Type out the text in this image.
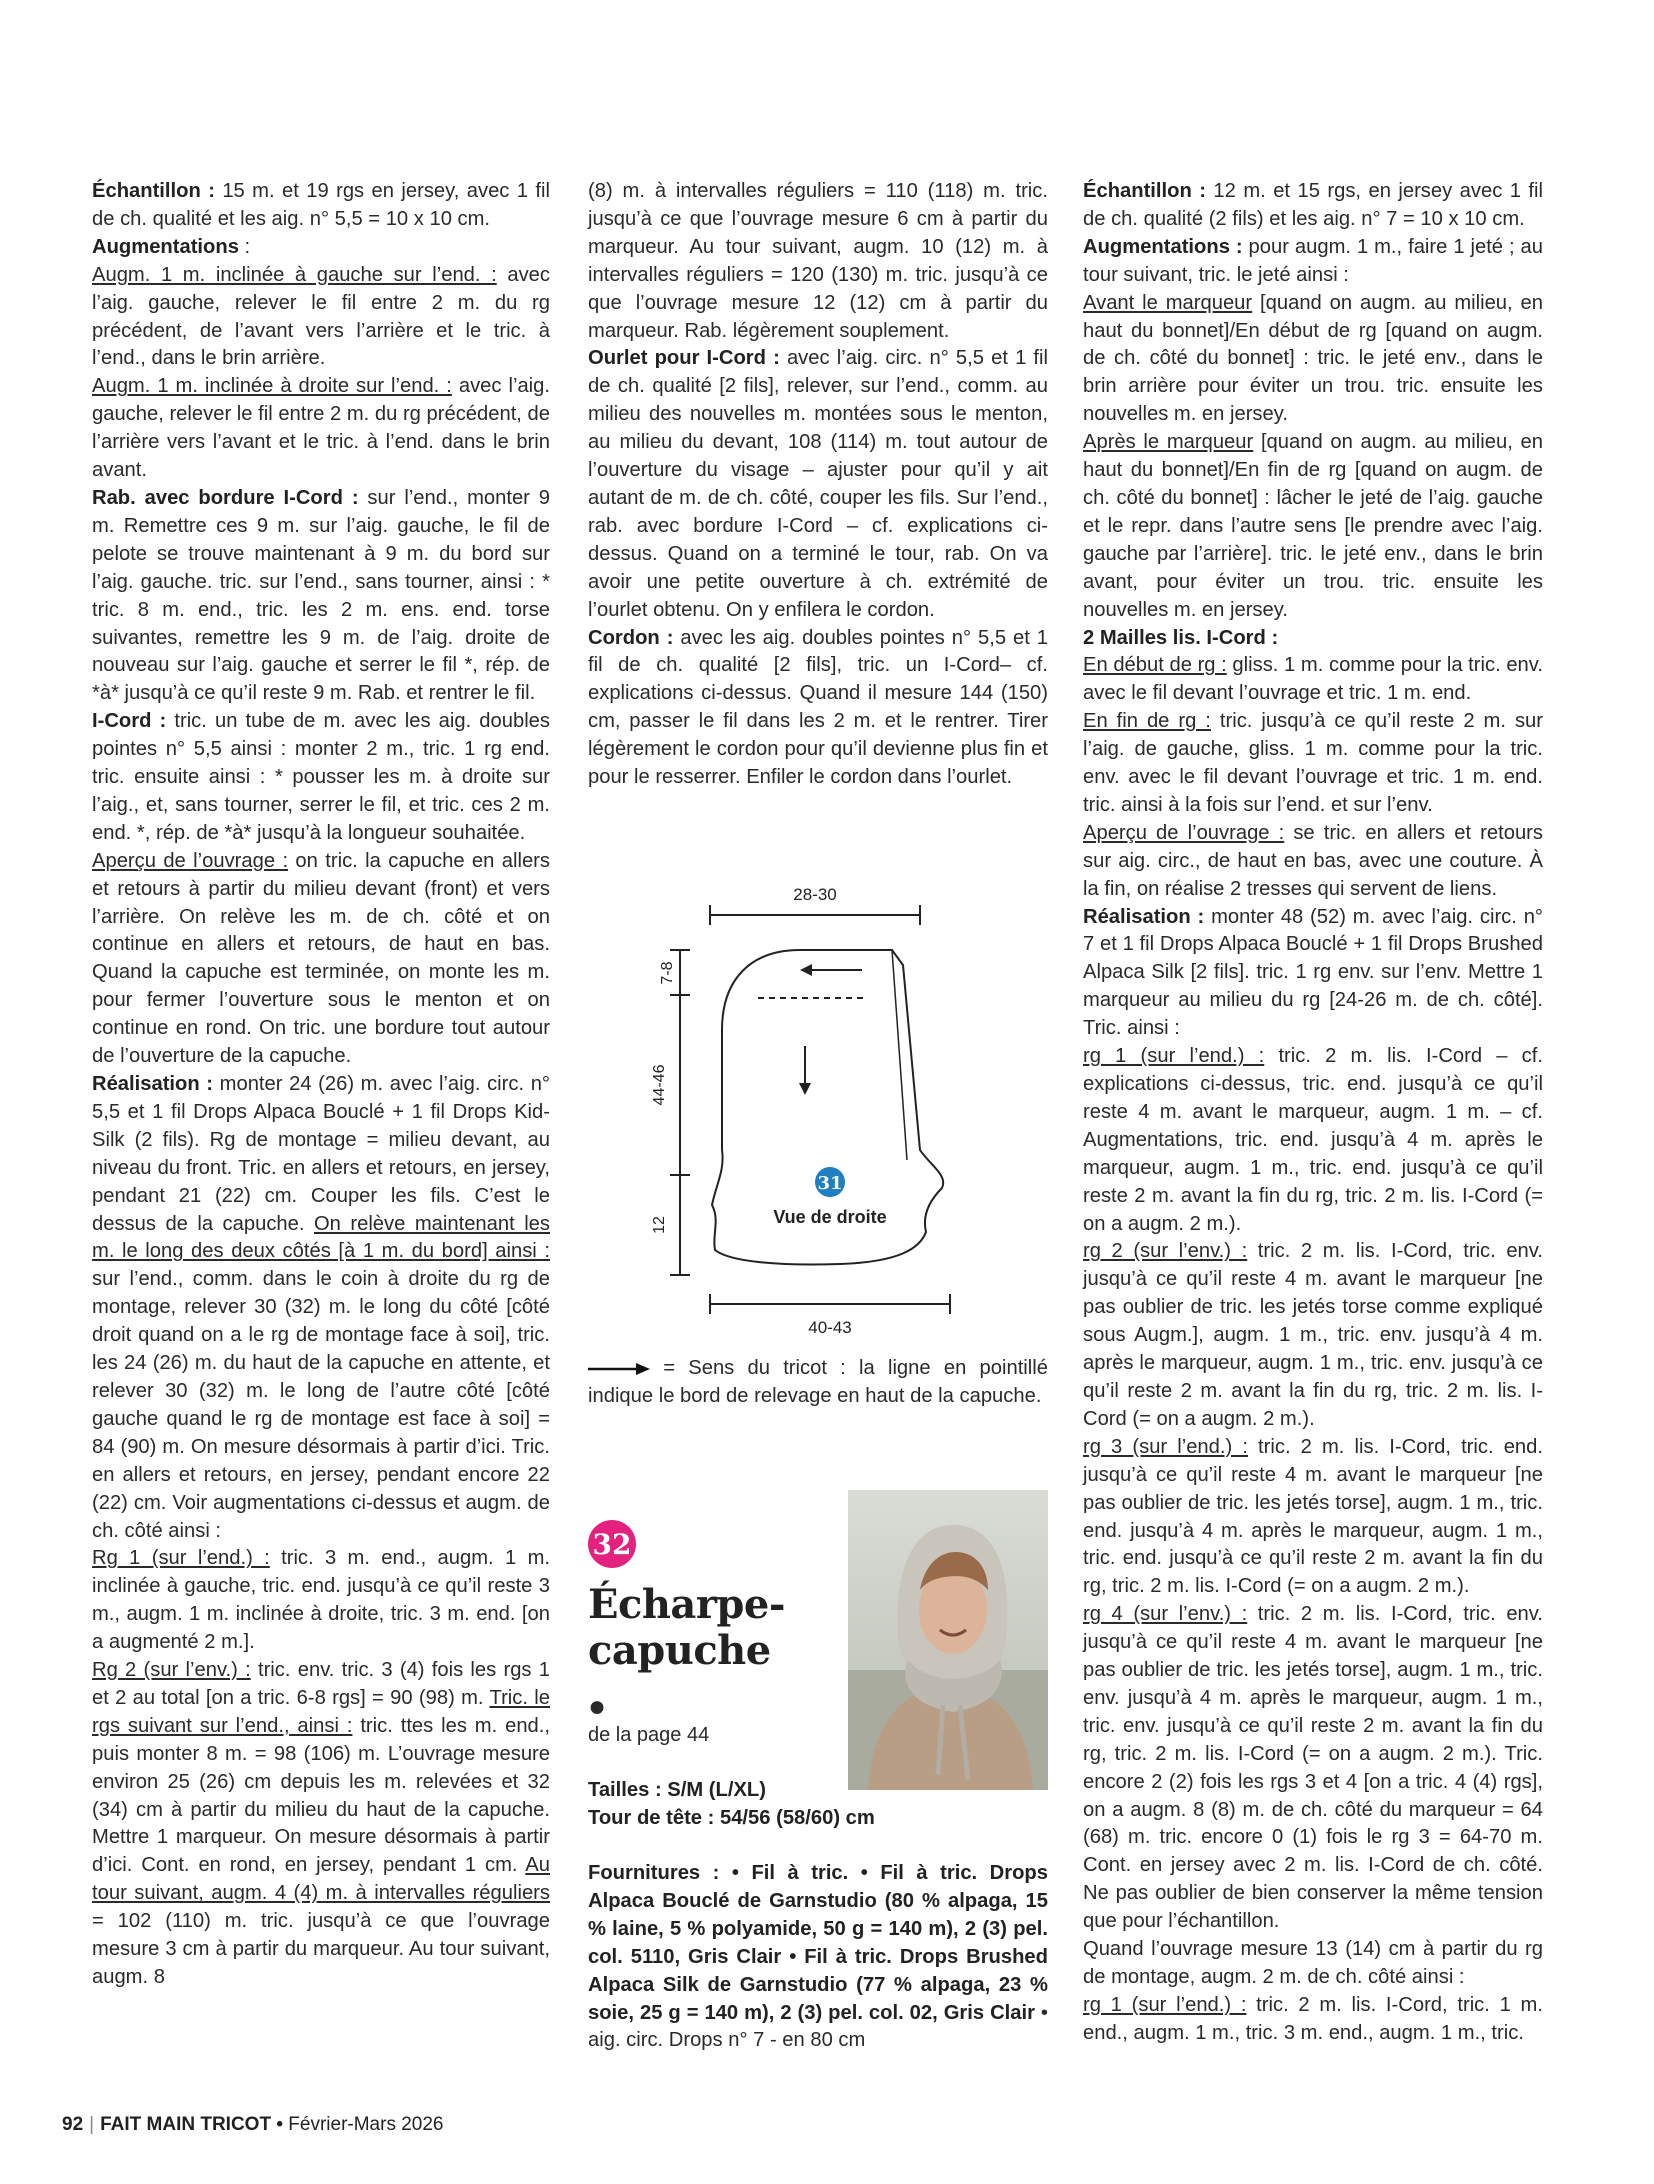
Échantillon : 15 m. et 19 rgs en jersey, avec 1 fil de ch. qualité et les aig. n° 5,5 = 10 x 10 cm.

Augmentations :

Augm. 1 m. inclinée à gauche sur l’end. : avec l’aig. gauche, relever le fil entre 2 m. du rg précédent, de l’avant vers l’arrière et le tric. à l’end., dans le brin arrière.

Augm. 1 m. inclinée à droite sur l’end. : avec l’aig. gauche, relever le fil entre 2 m. du rg précédent, de l’arrière vers l’avant et le tric. à l’end. dans le brin avant.

Rab. avec bordure I-Cord : sur l’end., monter 9 m. Remettre ces 9 m. sur l’aig. gauche, le fil de pelote se trouve maintenant à 9 m. du bord sur l’aig. gauche. tric. sur l’end., sans tourner, ainsi : * tric. 8 m. end., tric. les 2 m. ens. end. torse suivantes, remettre les 9 m. de l’aig. droite de nouveau sur l’aig. gauche et serrer le fil *, rép. de *à* jusqu’à ce qu’il reste 9 m. Rab. et rentrer le fil.

I-Cord : tric. un tube de m. avec les aig. doubles pointes n° 5,5 ainsi : monter 2 m., tric. 1 rg end. tric. ensuite ainsi : * pousser les m. à droite sur l’aig., et, sans tourner, serrer le fil, et tric. ces 2 m. end. *, rép. de *à* jusqu’à la longueur souhaitée.

Aperçu de l’ouvrage : on tric. la capuche en allers et retours à partir du milieu devant (front) et vers l’arrière. On relève les m. de ch. côté et on continue en allers et retours, de haut en bas. Quand la capuche est terminée, on monte les m. pour fermer l’ouverture sous le menton et on continue en rond. On tric. une bordure tout autour de l’ouverture de la capuche.

Réalisation : monter 24 (26) m. avec l’aig. circ. n° 5,5 et 1 fil Drops Alpaca Bouclé + 1 fil Drops Kid-Silk (2 fils). Rg de montage = milieu devant, au niveau du front. Tric. en allers et retours, en jersey, pendant 21 (22) cm. Couper les fils. C’est le dessus de la capuche. On relève maintenant les m. le long des deux côtés [à 1 m. du bord] ainsi : sur l’end., comm. dans le coin à droite du rg de montage, relever 30 (32) m. le long du côté [côté droit quand on a le rg de montage face à soi], tric. les 24 (26) m. du haut de la capuche en attente, et relever 30 (32) m. le long de l’autre côté [côté gauche quand le rg de montage est face à soi] = 84 (90) m. On mesure désormais à partir d’ici. Tric. en allers et retours, en jersey, pendant encore 22 (22) cm. Voir augmentations ci-dessus et augm. de ch. côté ainsi :

Rg 1 (sur l’end.) : tric. 3 m. end., augm. 1 m. inclinée à gauche, tric. end. jusqu’à ce qu’il reste 3 m., augm. 1 m. inclinée à droite, tric. 3 m. end. [on a augmenté 2 m.].

Rg 2 (sur l’env.) : tric. env. tric. 3 (4) fois les rgs 1 et 2 au total [on a tric. 6-8 rgs] = 90 (98) m. Tric. le rgs suivant sur l’end., ainsi : tric. ttes les m. end., puis monter 8 m. = 98 (106) m. L’ouvrage mesure environ 25 (26) cm depuis les m. relevées et 32 (34) cm à partir du milieu du haut de la capuche. Mettre 1 marqueur. On mesure désormais à partir d’ici. Cont. en rond, en jersey, pendant 1 cm. Au tour suivant, augm. 4 (4) m. à intervalles réguliers = 102 (110) m. tric. jusqu’à ce que l’ouvrage mesure 3 cm à partir du marqueur. Au tour suivant, augm. 8

(8) m. à intervalles réguliers = 110 (118) m. tric. jusqu’à ce que l’ouvrage mesure 6 cm à partir du marqueur. Au tour suivant, augm. 10 (12) m. à intervalles réguliers = 120 (130) m. tric. jusqu’à ce que l’ouvrage mesure 12 (12) cm à partir du marqueur. Rab. légèrement souplement.

Ourlet pour I-Cord : avec l’aig. circ. n° 5,5 et 1 fil de ch. qualité [2 fils], relever, sur l’end., comm. au milieu des nouvelles m. montées sous le menton, au milieu du devant, 108 (114) m. tout autour de l’ouverture du visage – ajuster pour qu’il y ait autant de m. de ch. côté, couper les fils. Sur l’end., rab. avec bordure I-Cord – cf. explications ci-dessus. Quand on a terminé le tour, rab. On va avoir une petite ouverture à ch. extrémité de l’ourlet obtenu. On y enfilera le cordon.

Cordon : avec les aig. doubles pointes n° 5,5 et 1 fil de ch. qualité [2 fils], tric. un I-Cord– cf. explications ci-dessus. Quand il mesure 144 (150) cm, passer le fil dans les 2 m. et le rentrer. Tirer légèrement le cordon pour qu’il devienne plus fin et pour le resserrer. Enfiler le cordon dans l’ourlet.

Échantillon : 12 m. et 15 rgs, en jersey avec 1 fil de ch. qualité (2 fils) et les aig. n° 7 = 10 x 10 cm.

Augmentations : pour augm. 1 m., faire 1 jeté ; au tour suivant, tric. le jeté ainsi :

Avant le marqueur [quand on augm. au milieu, en haut du bonnet]/En début de rg [quand on augm. de ch. côté du bonnet] : tric. le jeté env., dans le brin arrière pour éviter un trou. tric. ensuite les nouvelles m. en jersey.

Après le marqueur [quand on augm. au milieu, en haut du bonnet]/En fin de rg [quand on augm. de ch. côté du bonnet] : lâcher le jeté de l’aig. gauche et le repr. dans l’autre sens [le prendre avec l’aig. gauche par l’arrière]. tric. le jeté env., dans le brin avant, pour éviter un trou. tric. ensuite les nouvelles m. en jersey.

2 Mailles lis. I-Cord :

En début de rg : gliss. 1 m. comme pour la tric. env. avec le fil devant l’ouvrage et tric. 1 m. end.

En fin de rg : tric. jusqu’à ce qu’il reste 2 m. sur l’aig. de gauche, gliss. 1 m. comme pour la tric. env. avec le fil devant l’ouvrage et tric. 1 m. end. tric. ainsi à la fois sur l’end. et sur l’env.

Aperçu de l’ouvrage : se tric. en allers et retours sur aig. circ., de haut en bas, avec une couture. À la fin, on réalise 2 tresses qui servent de liens.

Réalisation : monter 48 (52) m. avec l’aig. circ. n° 7 et 1 fil Drops Alpaca Bouclé + 1 fil Drops Brushed Alpaca Silk [2 fils]. tric. 1 rg env. sur l’env. Mettre 1 marqueur au milieu du rg [24-26 m. de ch. côté]. Tric. ainsi :

rg 1 (sur l’end.) : tric. 2 m. lis. I-Cord – cf. explications ci-dessus, tric. end. jusqu’à ce qu’il reste 4 m. avant le marqueur, augm. 1 m. – cf. Augmentations, tric. end. jusqu’à 4 m. après le marqueur, augm. 1 m., tric. end. jusqu’à ce qu’il reste 2 m. avant la fin du rg, tric. 2 m. lis. I-Cord (= on a augm. 2 m.).

rg 2 (sur l’env.) : tric. 2 m. lis. I-Cord, tric. env. jusqu’à ce qu’il reste 4 m. avant le marqueur [ne pas oublier de tric. les jetés torse comme expliqué sous Augm.], augm. 1 m., tric. env. jusqu’à 4 m. après le marqueur, augm. 1 m., tric. env. jusqu’à ce qu’il reste 2 m. avant la fin du rg, tric. 2 m. lis. I-Cord (= on a augm. 2 m.).

rg 3 (sur l’end.) : tric. 2 m. lis. I-Cord, tric. end. jusqu’à ce qu’il reste 4 m. avant le marqueur [ne pas oublier de tric. les jetés torse], augm. 1 m., tric. end. jusqu’à 4 m. après le marqueur, augm. 1 m., tric. end. jusqu’à ce qu’il reste 2 m. avant la fin du rg, tric. 2 m. lis. I-Cord (= on a augm. 2 m.).

rg 4 (sur l’env.) : tric. 2 m. lis. I-Cord, tric. env. jusqu’à ce qu’il reste 4 m. avant le marqueur [ne pas oublier de tric. les jetés torse], augm. 1 m., tric. env. jusqu’à 4 m. après le marqueur, augm. 1 m., tric. env. jusqu’à ce qu’il reste 2 m. avant la fin du rg, tric. 2 m. lis. I-Cord (= on a augm. 2 m.). Tric. encore 2 (2) fois les rgs 3 et 4 [on a tric. 4 (4) rgs], on a augm. 8 (8) m. de ch. côté du marqueur = 64 (68) m. tric. encore 0 (1) fois le rg 3 = 64-70 m. Cont. en jersey avec 2 m. lis. I-Cord de ch. côté. Ne pas oublier de bien conserver la même tension que pour l’échantillon.

Quand l’ouvrage mesure 13 (14) cm à partir du rg de montage, augm. 2 m. de ch. côté ainsi :

rg 1 (sur l’end.) : tric. 2 m. lis. I-Cord, tric. 1 m. end., augm. 1 m., tric. 3 m. end., augm. 1 m., tric.

28-30
7-8
44-46
12
31
Vue de droite
40-43

= Sens du tricot : la ligne en pointillé indique le bord de relevage en haut de la capuche.

32
Écharpe-
capuche
●
de la page 44

Tailles : S/M (L/XL)

Tour de tête : 54/56 (58/60) cm

Fournitures : • Fil à tric. • Fil à tric. Drops Alpaca Bouclé de Garnstudio (80 % alpaga, 15 % laine, 5 % polyamide, 50 g = 140 m), 2 (3) pel. col. 5110, Gris Clair • Fil à tric. Drops Brushed Alpaca Silk de Garnstudio (77 % alpaga, 23 % soie, 25 g = 140 m), 2 (3) pel. col. 02, Gris Clair • aig. circ. Drops n° 7 - en 80 cm

92 | FAIT MAIN TRICOT • Février-Mars 2026
